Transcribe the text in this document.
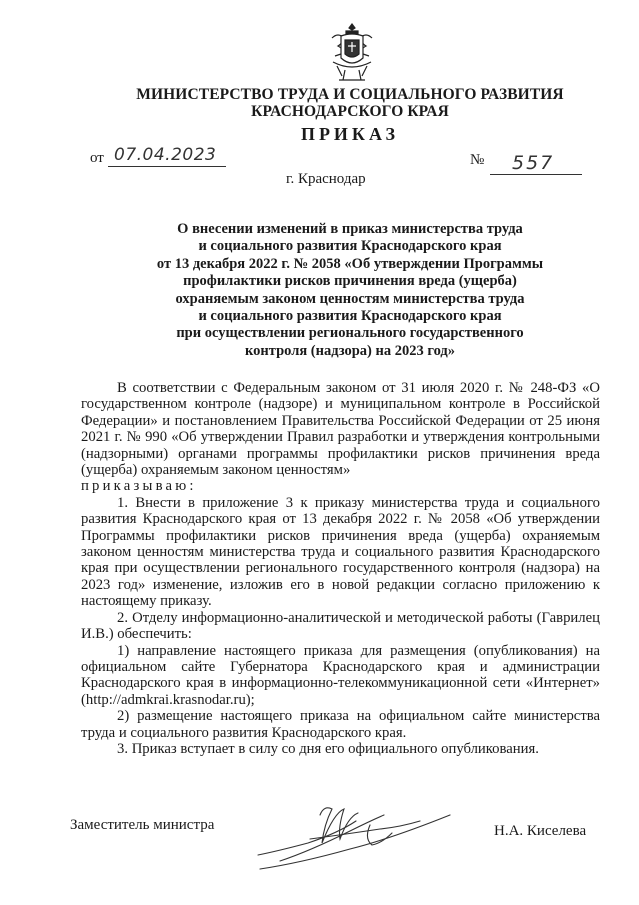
МИНИСТЕРСТВО ТРУДА И СОЦИАЛЬНОГО РАЗВИТИЯ
КРАСНОДАРСКОГО КРАЯ
ПРИКАЗ
от 07.04.2023	№ 557
г. Краснодар
О внесении изменений в приказ министерства труда
и социального развития Краснодарского края
от 13 декабря 2022 г. № 2058 «Об утверждении Программы
профилактики рисков причинения вреда (ущерба)
охраняемым законом ценностям министерства труда
и социального развития Краснодарского края
при осуществлении регионального государственного
контроля (надзора) на 2023 год»

В соответствии с Федеральным законом от 31 июля 2020 г. № 248-ФЗ «О государственном контроле (надзоре) и муниципальном контроле в Российской Федерации» и постановлением Правительства Российской Федерации от 25 июня 2021 г. № 990 «Об утверждении Правил разработки и утверждения контрольными (надзорными) органами программы профилактики рисков причинения вреда (ущерба) охраняемым законом ценностям»

приказываю:

1. Внести в приложение 3 к приказу министерства труда и социального развития Краснодарского края от 13 декабря 2022 г. № 2058 «Об утверждении Программы профилактики рисков причинения вреда (ущерба) охраняемым законом ценностям министерства труда и социального развития Краснодарского края при осуществлении регионального государственного контроля (надзора) на 2023 год» изменение, изложив его в новой редакции согласно приложению к настоящему приказу.

2. Отделу информационно-аналитической и методической работы (Гаврилец И.В.) обеспечить:

1) направление настоящего приказа для размещения (опубликования) на официальном сайте Губернатора Краснодарского края и администрации Краснодарского края в информационно-телекоммуникационной сети «Интернет» (http://admkrai.krasnodar.ru);

2) размещение настоящего приказа на официальном сайте министерства труда и социального развития Краснодарского края.

3. Приказ вступает в силу со дня его официального опубликования.

Заместитель министра	Н.А. Киселева
